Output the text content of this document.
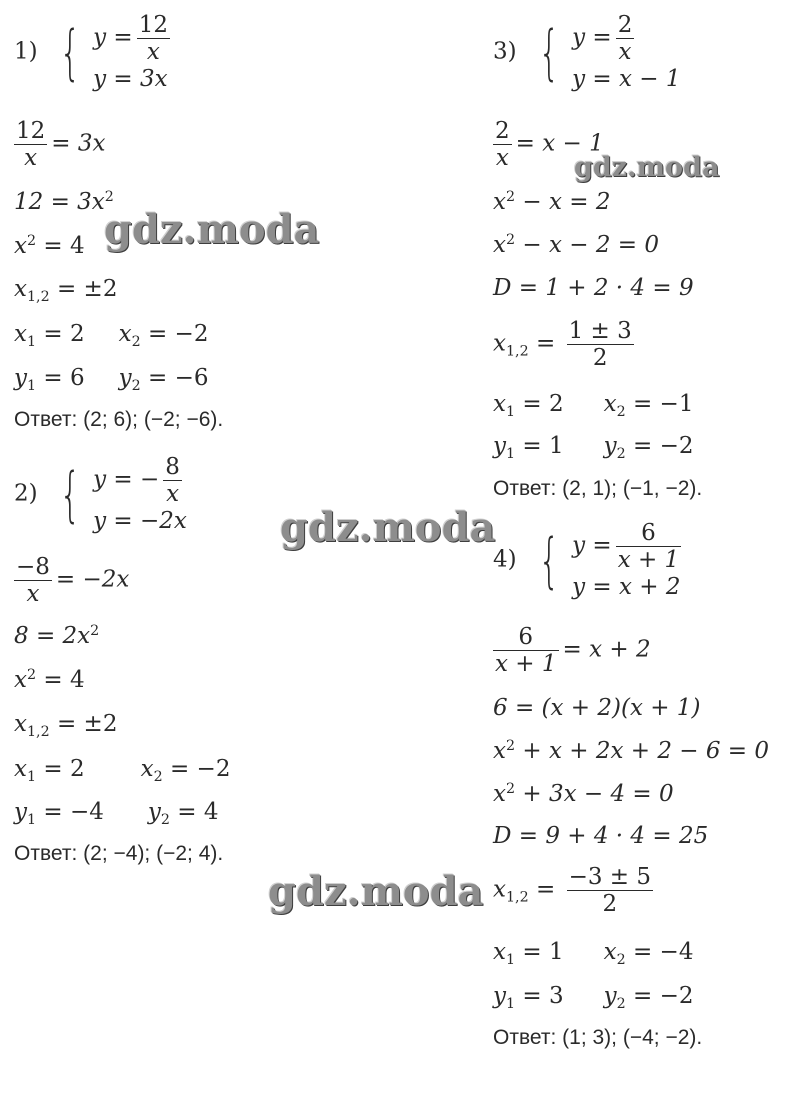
1) { $y = \frac{12}{x}$
y = 3x
$\frac{12}{x} = 3x$
$12 = 3x^2$
$x^2 = 4$
$x_{1,2} = \pm 2$
$x_1 = 2$ $x_2 = -2$
$y_1 = 6$ $y_2 = -6$
Ответ: (2; 6); (−2; −6).
2) { y = − $\frac{8}{x}$
y = −2x
$\frac{-8}{x} = -2x$
$8 = 2x^2$
$x^2 = 4$
$x_{1,2} = \pm 2$
$x_1 = 2$ $x_2 = -2$
$y_1 = -4$ $y_2 = 4$
Ответ: (2; −4); (−2; 4).
3) { $y = \frac{2}{x}$
y = x − 1
$\frac{2}{x} = x - 1$
$x^2 - x = 2$
$x^2 - x - 2 = 0$
D = 1 + 2 · 4 = 9
$x_{1,2} = \frac{1 \pm 3}{2}$
$x_1 = 2$ $x_2 = -1$
$y_1 = 1$ $y_2 = -2$
Ответ: (2, 1); (−1, −2).
4) { $y = \frac{6}{x + 1}$
y = x + 2
$\frac{6}{x + 1} = x + 2$
6 = (x + 2)(x + 1)
$x^2 + x + 2x + 2 - 6 = 0$
$x^2 + 3x - 4 = 0$
D = 9 + 4 · 4 = 25
$x_{1,2} = \frac{-3 \pm 5}{2}$
$x_1 = 1$ $x_2 = -4$
$y_1 = 3$ $y_2 = -2$
Ответ: (1; 3); (−4; −2).
gdz.moda
gdz.moda
gdz.moda
gdz.moda
